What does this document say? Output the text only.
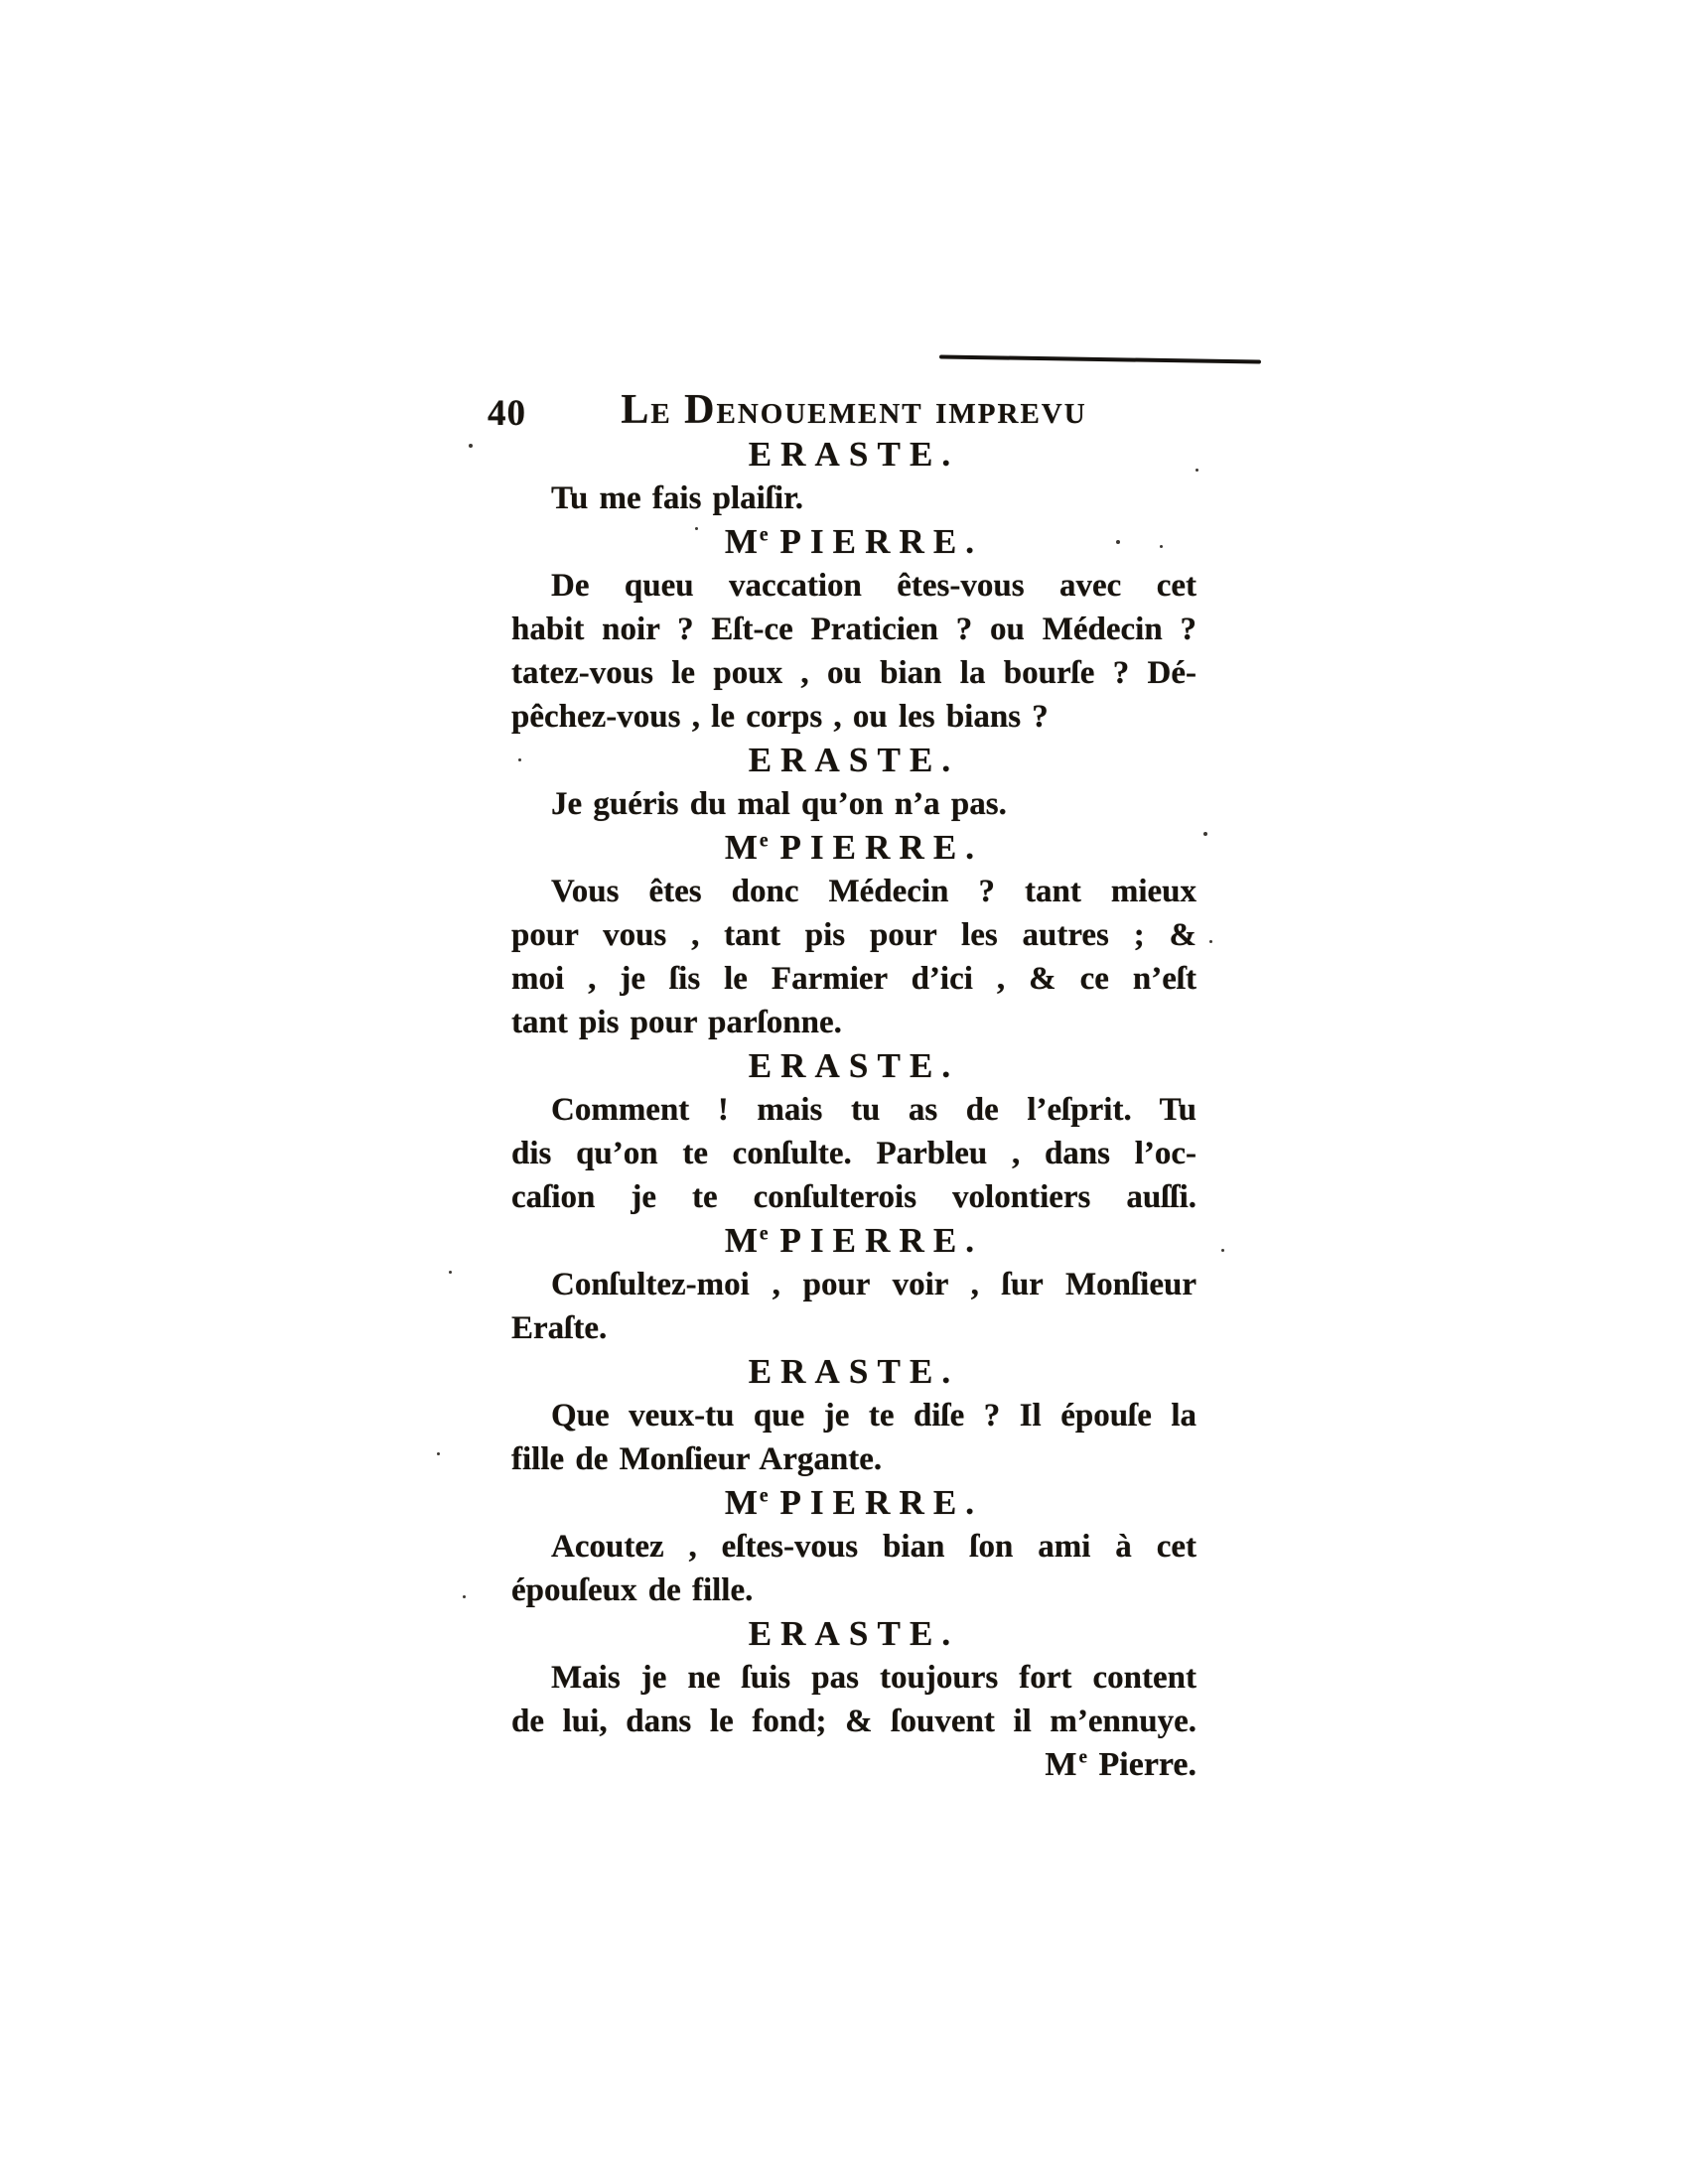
40	Le Denouement imprevu
ERASTE.
Tu me fais plaiſir.
M $^e$ PIERRE.
De queu vaccation êtes-vous avec cet
habit noir ? Eſt-ce Praticien ? ou Médecin ?
tatez-vous le poux , ou bian la bourſe ? Dé-
pêchez-vous , le corps , ou les bians ?
ERASTE.
Je guéris du mal qu’on n’a pas.
M $^e$ PIERRE.
Vous êtes donc Médecin ? tant mieux
pour vous , tant pis pour les autres ; &
moi , je ſis le Farmier d’ici , & ce n’eſt
tant pis pour parſonne.
ERASTE.
Comment ! mais tu as de l’eſprit. Tu
dis qu’on te conſulte. Parbleu , dans l’oc-
caſion je te conſulterois volontiers auſſi.
M $^e$ PIERRE.
Conſultez-moi , pour voir , ſur Monſieur
Eraſte.
ERASTE.
Que veux-tu que je te diſe ? Il épouſe la
fille de Monſieur Argante.
M $^e$ PIERRE.
Acoutez , eſtes-vous bian ſon ami à cet
épouſeux de fille.
ERASTE.
Mais je ne ſuis pas toujours fort content
de lui, dans le fond; & ſouvent il m’ennuye.
M $^e$ Pierre.
